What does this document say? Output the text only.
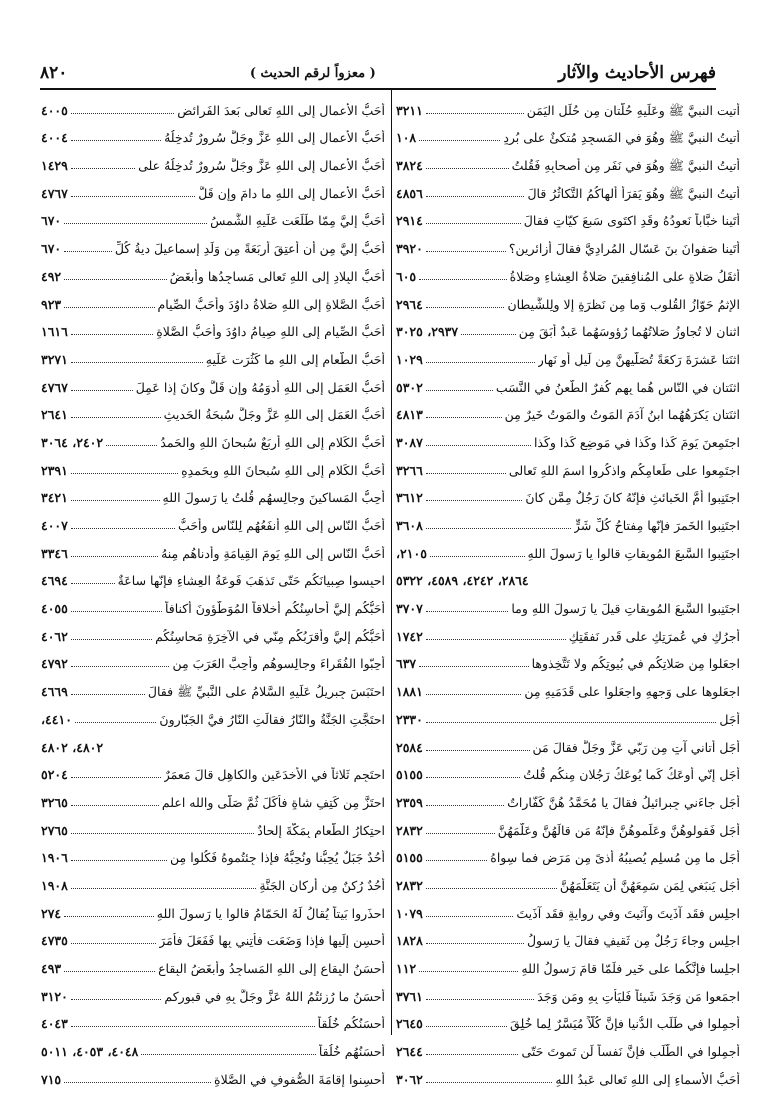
فهرس الأحاديث والآثار
( معزواً لرقم الحديث )
٨٢٠
أتيت النبيَّ ﷺ وعَلَيهِ حُلَّتانِ مِن حُلَلِ اليَمَنِ
٣٢١١
أتيتُ النبيَّ ﷺ وهُوَ في المَسجِدِ مُتكئٌ على بُردٍ
١٠٨
أتيتُ النبيَّ ﷺ وهُوَ في نَفَرٍ مِن أصحابِهِ فَقُلتُ
٣٨٢٤
أتيتُ النبيَّ ﷺ وهُوَ يَقرَأُ أَلهاكُمُ التَّكاثُرُ قالَ
٤٨٥٦
أتَينا خبَّاباً نَعودُهُ وقَدِ اكتَوى سَبعَ كيّاتٍ فقالَ
٢٩١٤
أتَينا صَفوانَ بنَ عَسّالٍ المُرادِيَّ فقالَ أزائرين؟
٣٩٢٠
أثقَلُ صَلاةٍ على المُنافِقينَ صَلاةُ العِشاءِ وصَلاةُ
٦٠٥
الإثمُ حَوّازُ القُلوبِ وَما مِن نَظرَةٍ إلا ولِلشَّيطانِ
٢٩٦٤
اثنانِ لا تُجاوِزُ صَلاتُهُما رُؤوسَهُما عَبدٌ أبَقَ مِن
٢٩٣٧، ٣٠٢٥
اثنَتا عَشرَةَ رَكعَةً تُصَلّيهِنَّ مِن لَيلٍ أو نَهارٍ
١٠٢٩
اثنَتانِ في النّاسِ هُما بِهِم كُفرٌ الطَّعنُ في النَّسَبِ
٥٣٠٢
اثنَتانِ يَكرَهُهُما ابنُ آدَمَ المَوتُ والمَوتُ خَيرٌ مِن
٤٨١٣
اجتَمِعنَ يَومَ كَذا وكَذا في مَوضِعِ كَذا وكَذا
٣٠٨٧
اجتَمِعوا على طَعامِكُم واذكُروا اسمَ اللهِ تَعالى
٣٢٦٦
اجتَنِبوا أُمَّ الخَبائثِ فإنّهُ كانَ رَجُلٌ مِمَّن كانَ
٣٦١٢
اجتَنِبوا الخَمرَ فإنّها مِفتاحُ كُلِّ شَرٍّ
٣٦٠٨
اجتَنِبوا السَّبعَ المُوبِقاتِ قالوا يا رَسولَ اللهِ
٢١٠٥،
٢٨٦٤، ٤٢٤٢، ٤٥٨٩، ٥٣٢٢
اجتَنِبوا السَّبعَ المُوبِقاتِ قيلَ يا رَسولَ اللهِ وما
٣٧٠٧
أجرُكِ في عُمرَتِكِ على قَدرِ نَفقَتِكِ
١٧٤٢
اجعَلوا مِن صَلاتِكُم في بُيوتِكُم ولا تَتَّخِذوها
٦٣٧
اجعَلوها على وَجهِهِ واجعَلوا على قَدَمَيهِ مِن
١٨٨١
أجَل
٢٣٣٠
أجَل أتاني آتٍ مِن رَبّي عَزَّ وجَلَّ فقالَ مَن
٢٥٨٤
أجَل إنّي أوعَكُ كَما يُوعَكُ رَجُلانِ مِنكُم قُلتُ
٥١٥٥
أجَل جاءَني جِبرائيلُ فقالَ يا مُحَمَّدُ هُنَّ كَفّاراتٌ
٢٣٥٩
أجَل فَقولوهُنَّ وعَلِّموهُنَّ فإنّهُ مَن قالَهُنَّ وعَلَّمَهُنَّ
٢٨٣٢
أجَل ما مِن مُسلِمٍ يُصيبُهُ أذىً مِن مَرَضٍ فما سِواهُ
٥١٥٥
أجَل يَنبَغي لِمَن سَمِعَهُنَّ أن يَتَعَلَّمَهُنَّ
٢٨٣٢
اجلِس فقَد آذَيتَ وآنَيتَ وفي رِوايةٍ فقَد آذَيتَ
١٠٧٩
اجلِس وجاءَ رَجُلٌ مِن ثَقيفٍ فقالَ يا رَسولُ
١٨٢٨
اجلِسا فإنَّكُما على خَيرٍ فلَمّا قامَ رَسولُ اللهِ
١١٢
اجمَعوا مَن وَجَدَ شَيئاً فَليَأتِ بِهِ ومَن وَجَدَ
٣٧٦١
أجمِلوا في طَلَبِ الدُّنيا فإنَّ كُلّاً مُيَسَّرٌ لِما خُلِقَ
٢٦٤٥
أجمِلوا في الطَّلَبِ فإنَّ نَفساً لَن تَموتَ حَتّى
٢٦٤٤
أحَبُّ الأسماءِ إلى اللهِ تَعالى عَبدُ اللهِ
٣٠٦٢
أحَبُّ الأعمالِ إلى اللهِ تَعالى بَعدَ الفَرائضِ
٤٠٠٥
أحَبُّ الأعمالِ إلى اللهِ عَزَّ وجَلَّ سُرورٌ تُدخِلُهُ
٤٠٠٤
أحَبُّ الأعمالِ إلى اللهِ عَزَّ وجَلَّ سُرورٌ تُدخِلُهُ على
١٤٢٩
أحَبُّ الأعمالِ إلى اللهِ ما دامَ وإن قَلَّ
٤٧٦٧
أحَبُّ إليَّ مِمّا طَلَعَت عَلَيهِ الشَّمسُ
٦٧٠
أحَبُّ إليَّ مِن أن أعتِقَ أربَعَةً مِن وَلَدِ إسماعيلَ ديةُ كُلِّ
٦٧٠
أحَبُّ البِلادِ إلى اللهِ تَعالى مَساجِدُها وأبغَضُ
٤٩٢
أحَبُّ الصَّلاةِ إلى اللهِ صَلاةُ داوُدَ وأحَبُّ الصِّيامِ
٩٢٣
أحَبُّ الصِّيامِ إلى اللهِ صِيامُ داوُدَ وأحَبُّ الصَّلاةِ
١٦١٦
أحَبُّ الطَّعامِ إلى اللهِ ما كَثُرَت عَلَيهِ
٣٢٧١
أحَبُّ العَمَلِ إلى اللهِ أدوَمُهُ وإن قَلَّ وكانَ إذا عَمِلَ
٤٧٦٧
أحَبُّ العَمَلِ إلى اللهِ عَزَّ وجَلَّ سُبحَةُ الحَديثِ
٢٦٤١
أحَبُّ الكَلامِ إلى اللهِ أربَعٌ سُبحانَ اللهِ والحَمدُ
٢٤٠٢، ٣٠٦٤
أحَبُّ الكَلامِ إلى اللهِ سُبحانَ اللهِ وبِحَمدِهِ
٢٣٩١
أحِبُّ المَساكينَ وجالِسهُم قُلتُ يا رَسولَ اللهِ
٣٤٢١
أحَبُّ النّاسِ إلى اللهِ أنفَعُهُم لِلنّاسِ وأحَبُّ
٤٠٠٧
أحَبُّ النّاسِ إلى اللهِ يَومَ القِيامَةِ وأدناهُم مِنهُ
٣٣٤٦
احبِسوا صِبيانَكُم حَتّى تَذهَبَ فَوعَةُ العِشاءِ فإنّها ساعَةٌ
٤٦٩٤
أحَبُّكُم إليَّ أحاسِنُكُم أخلاقاً المُوَطَّؤونَ أكنافاً
٤٠٥٥
أحَبُّكُم إليَّ وأقرَبُكُم مِنّي في الآخِرَةِ مَحاسِنُكُم
٤٠٦٢
أحِبّوا الفُقَراءَ وجالِسوهُم وأحِبَّ العَرَبَ مِن
٤٧٩٢
احتَبَسَ جِبريلُ عَلَيهِ السَّلامُ على النَّبيِّ ﷺ فقالَ
٤٦٦٩
احتَجَّتِ الجَنَّةُ والنّارُ فقالَتِ النّارُ فيَّ الجَبّارونَ
٤٤١٠،
٤٨٠٢، ٤٨٠٢
احتَجِم ثَلاثاً في الأخدَعَينِ والكاهِلِ قالَ مَعمَرٌ
٥٢٠٤
احتَزَّ مِن كَتِفِ شاةٍ فأكَلَ ثُمَّ صَلّى والله اعلم
٣٢٦٥
احتِكارُ الطَّعامِ بِمَكَّةَ إلحادٌ
٢٧٦٥
أُحُدٌ جَبَلٌ يُحِبُّنا ونُحِبُّهُ فإذا جِئتُموهُ فَكُلوا مِن
١٩٠٦
أُحُدٌ رُكنٌ مِن أركانِ الجَنَّةِ
١٩٠٨
احذَروا بَيتاً يُقالُ لَهُ الحَمّامُ قالوا يا رَسولَ اللهِ
٢٧٤
أحسِن إلَيها فإذا وَضَعَت فأتِني بِها فَفَعَلَ فأمَرَ
٤٧٣٥
أحسَنُ البِقاعِ إلى اللهِ المَساجِدُ وأبغَضُ البِقاعِ
٤٩٣
أحسَنُ ما رُزِئتُمُ اللهُ عَزَّ وجَلَّ بِهِ في قبورِكم
٣١٢٠
أحسَنُكُم خُلُقاً
٤٠٤٣
أحسَنُهُم خُلُقاً
٤٠٤٨، ٤٠٥٣، ٥٠١١
أحسِنوا إقامَةَ الصُّفوفِ في الصَّلاةِ
٧١٥
